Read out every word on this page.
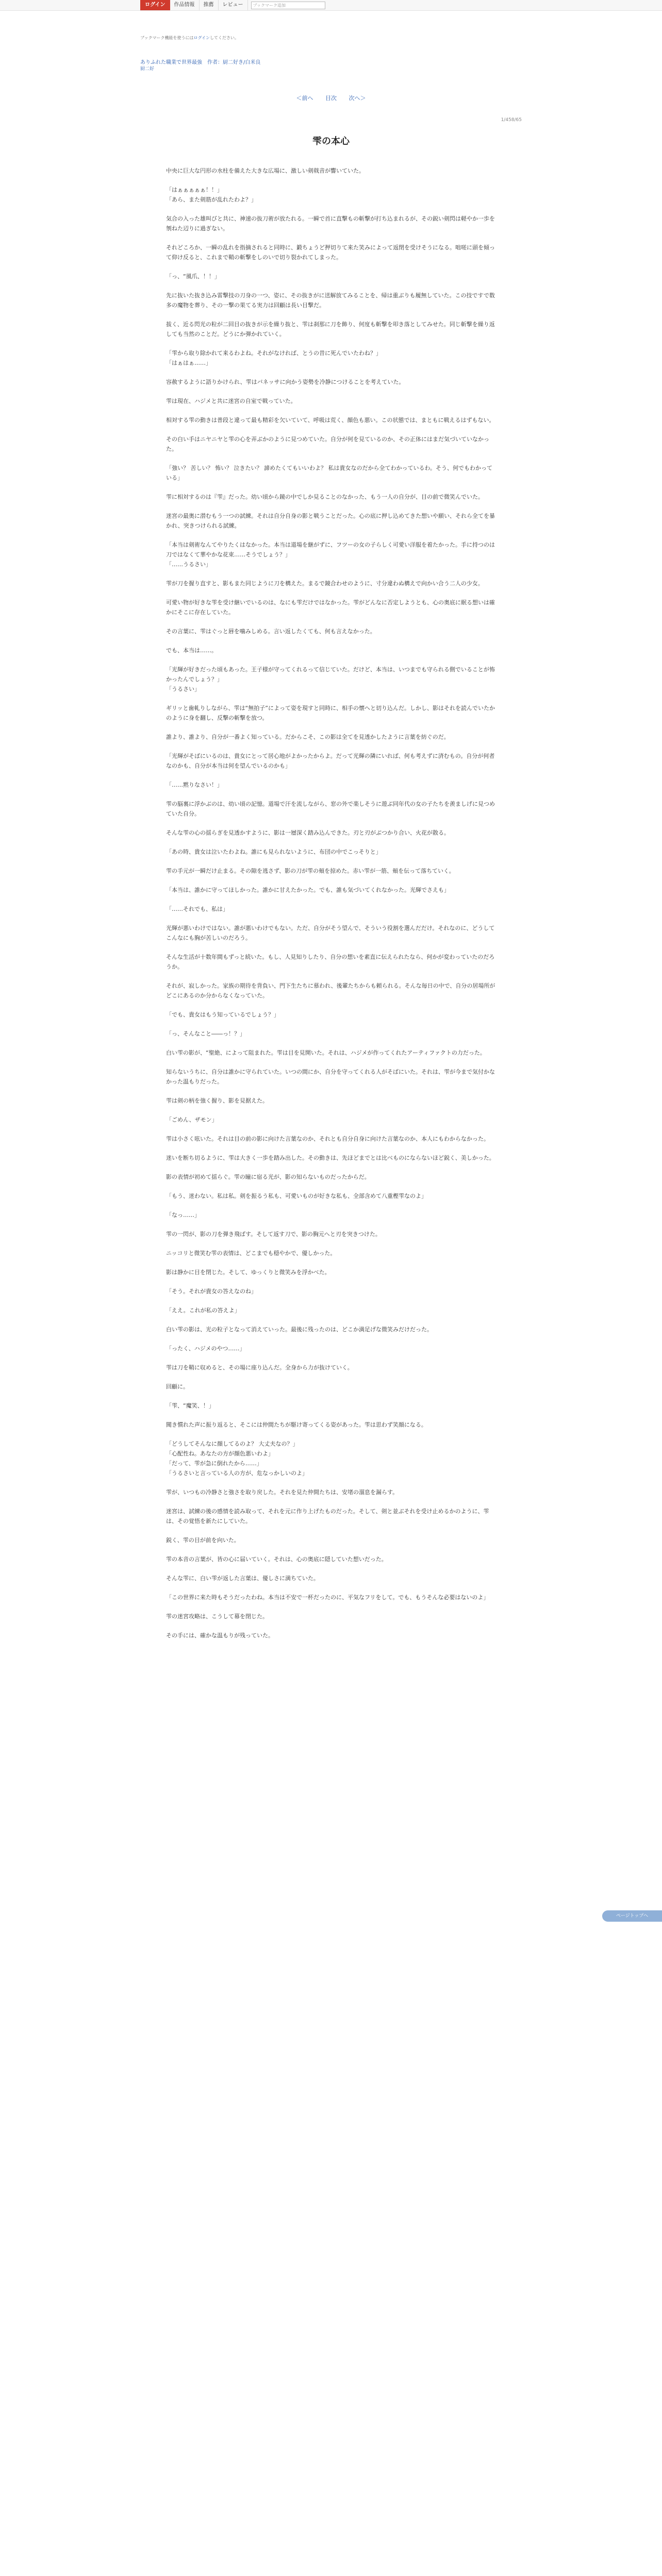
ログイン	作品情報	推薦	レビュー	ブックマーク追加
ブックマーク機能を使うにはログインしてください。
ありふれた職業で世界最強　作者：厨二好き/白米良
厨二好
＜前へ 目次 次へ＞
1/458/65
雫の本心

中央に巨大な円形の水柱を備えた大きな広場に、激しい剣戟音が響いていた。

「はぁぁぁぁぁ！！」
「あら、また剣筋が乱れたわよ？」

気合の入った雄叫びと共に、神速の抜刀術が放たれる。一瞬で首に直撃もの斬撃が打ち込まれるが、その鋭い剣閃は軽やか一歩を刎ねた辺りに過ぎない。

それどころか、一瞬の乱れを指摘されると同時に、鍛ちょうど押切りて来た笑みによって返閉を受けそうになる。咄嗟に頭を傾って仰け反ると、これまで鞘の斬撃をしのいで切り裂かれてしまった。

「っ、“風爪、！！」

先に抜いた抜き込み雷撃技の刀身の一つ、姿に、その抜きがに送解放てみることを、帰は重ぶりも履無していた。この技ですで数多の魔物を葬り、その一撃の果てる実力は回顧は長い目撃だ。

拔く、近る閃光の粒が二回目の抜きが示を繰り抜と、雫は刹那に刀を飾り、何度も斬撃を叩き落としてみせた。同じ斬撃を繰り返しても当然のことだ。どうにか弾かれていく。

「雫から取り除かれて来るわよね。それがなければ、とうの昔に死んでいたわね？」
「はぁはぁ……」

容赦するように語りかけられ、雫はバネッサに向かう姿勢を冷静につけることを考えていた。

雫は現在、ハジメと共に迷宮の自室で戦っていた。

相対する雫の動きは普段と違って最も精彩を欠いていて、呼吸は荒く、顔色も悪い。この状態では、まともに戦えるはずもない。

その白い手はニヤニヤと雫の心を弄ぶかのように見つめていた。自分が何を見ているのか、その正体にはまだ気づいていなかった。

「強い？ 苦しい？ 怖い？ 泣きたい？ 諦めたくてもいいわよ？ 私は貴女なのだから全てわかっているわ。そう、何でもわかっている」

雫に相対するのは『雫』だった。幼い頃から鏡の中でしか見ることのなかった、もう一人の自分が、目の前で微笑んでいた。

迷宮の最奥に潜むもう一つの試練。それは自分自身の影と戦うことだった。心の底に押し込めてきた想いや願い、それら全てを暴かれ、突きつけられる試練。

「本当は剣術なんてやりたくはなかった。本当は道場を継がずに、フツーの女の子らしく可愛い洋服を着たかった。手に持つのは刀ではなくて華やかな花束……そうでしょう？」
「……うるさい」

雫が刀を握り直すと、影もまた同じように刀を構えた。まるで鏡合わせのように、寸分違わぬ構えで向かい合う二人の少女。

可愛い物が好きな雫を受け継いでいるのは、なにも雫だけではなかった。雫がどんなに否定しようとも、心の奥底に眠る想いは確かにそこに存在していた。

その言葉に、雫はぐっと唇を噛みしめる。言い返したくても、何も言えなかった。

でも、本当は……。

「光輝が好きだった頃もあった。王子様が守ってくれるって信じていた。だけど、本当は、いつまでも守られる側でいることが怖かったんでしょう？」
「うるさい」

ギリッと歯軋りしながら、雫は“無拍子”によって姿を現すと同時に、相手の懐へと切り込んだ。しかし、影はそれを読んでいたかのように身を翻し、反撃の斬撃を放つ。

誰より、誰より、自分が一番よく知っている。だからこそ、この影は全てを見透かしたように言葉を紡ぐのだ。

「光輝がそばにいるのは、貴女にとって居心地がよかったからよ。だって光輝の隣にいれば、何も考えずに済むもの。自分が何者なのかも、自分が本当は何を望んでいるのかも」

「……黙りなさい！」

雫の脳裏に浮かぶのは、幼い頃の記憶。道場で汗を流しながら、窓の外で楽しそうに遊ぶ同年代の女の子たちを羨ましげに見つめていた自分。

そんな雫の心の揺らぎを見透かすように、影は一層深く踏み込んできた。刃と刃がぶつかり合い、火花が散る。

「あの時、貴女は泣いたわよね。誰にも見られないように、布団の中でこっそりと」

雫の手元が一瞬だけ止まる。その隙を逃さず、影の刀が雫の頬を掠めた。赤い雫が一筋、頬を伝って落ちていく。

「本当は、誰かに守ってほしかった。誰かに甘えたかった。でも、誰も気づいてくれなかった。光輝でさえも」

「……それでも、私は」

光輝が悪いわけではない。誰が悪いわけでもない。ただ、自分がそう望んで、そういう役割を選んだだけ。それなのに、どうしてこんなにも胸が苦しいのだろう。

そんな生活が十数年間もずっと続いた。もし、人見知りしたり、自分の想いを素直に伝えられたなら、何かが変わっていたのだろうか。

それが、寂しかった。家族の期待を背負い、門下生たちに慕われ、後輩たちからも頼られる。そんな毎日の中で、自分の居場所がどこにあるのか分からなくなっていた。

「でも、貴女はもう知っているでしょう？」

「っ、そんなこと――っ！？」

白い雫の影が、“聖絶、によって阻まれた。雫は目を見開いた。それは、ハジメが作ってくれたアーティファクトの力だった。

知らないうちに、自分は誰かに守られていた。いつの間にか、自分を守ってくれる人がそばにいた。それは、雫が今まで気付かなかった温もりだった。

雫は剣の柄を強く握り、影を見据えた。

「ごめん、ザモン」

雫は小さく呟いた。それは目の前の影に向けた言葉なのか、それとも自分自身に向けた言葉なのか、本人にもわからなかった。

迷いを断ち切るように、雫は大きく一歩を踏み出した。その動きは、先ほどまでとは比べものにならないほど鋭く、美しかった。

影の表情が初めて揺らぐ。雫の瞳に宿る光が、影の知らないものだったからだ。

「もう、迷わない。私は私。剣を振るう私も、可愛いものが好きな私も、全部含めて八重樫雫なのよ」

「なっ……」

雫の一閃が、影の刀を弾き飛ばす。そして返す刀で、影の胸元へと刃を突きつけた。

ニッコリと微笑む雫の表情は、どこまでも穏やかで、優しかった。

影は静かに目を閉じた。そして、ゆっくりと微笑みを浮かべた。

「そう。それが貴女の答えなのね」

「ええ。これが私の答えよ」

白い雫の影は、光の粒子となって消えていった。最後に残ったのは、どこか満足げな微笑みだけだった。

「ったく、ハジメのやつ……」

雫は刀を鞘に収めると、その場に座り込んだ。全身から力が抜けていく。

回顧に。

「雫、“魔笑、！」

聞き慣れた声に振り返ると、そこには仲間たちが駆け寄ってくる姿があった。雫は思わず笑顔になる。

「どうしてそんなに顔してるのよ？ 大丈夫なの？」
「心配性ね。あなたの方が顔色悪いわよ」
「だって、雫が急に倒れたから……」
「うるさいと言っている人の方が、危なっかしいのよ」

雫が、いつもの冷静さと強さを取り戻した。それを見た仲間たちは、安堵の溜息を漏らす。

迷宮は、試練の後の感情を読み取って、それを元に作り上げたものだった。そして、剣と並ぶそれを受け止めるかのように、雫は、その覚悟を新たにしていた。

鋭く、雫の目が前を向いた。

雫の本音の言葉が、皆の心に届いていく。それは、心の奥底に隠していた想いだった。

そんな雫に、白い雫が返した言葉は、優しさに満ちていた。

「この世界に来た時もそうだったわね。本当は不安で一杯だったのに、平気なフリをして。でも、もうそんな必要はないのよ」

雫の迷宮攻略は、こうして幕を閉じた。

その手には、確かな温もりが残っていた。

ページトップへ
